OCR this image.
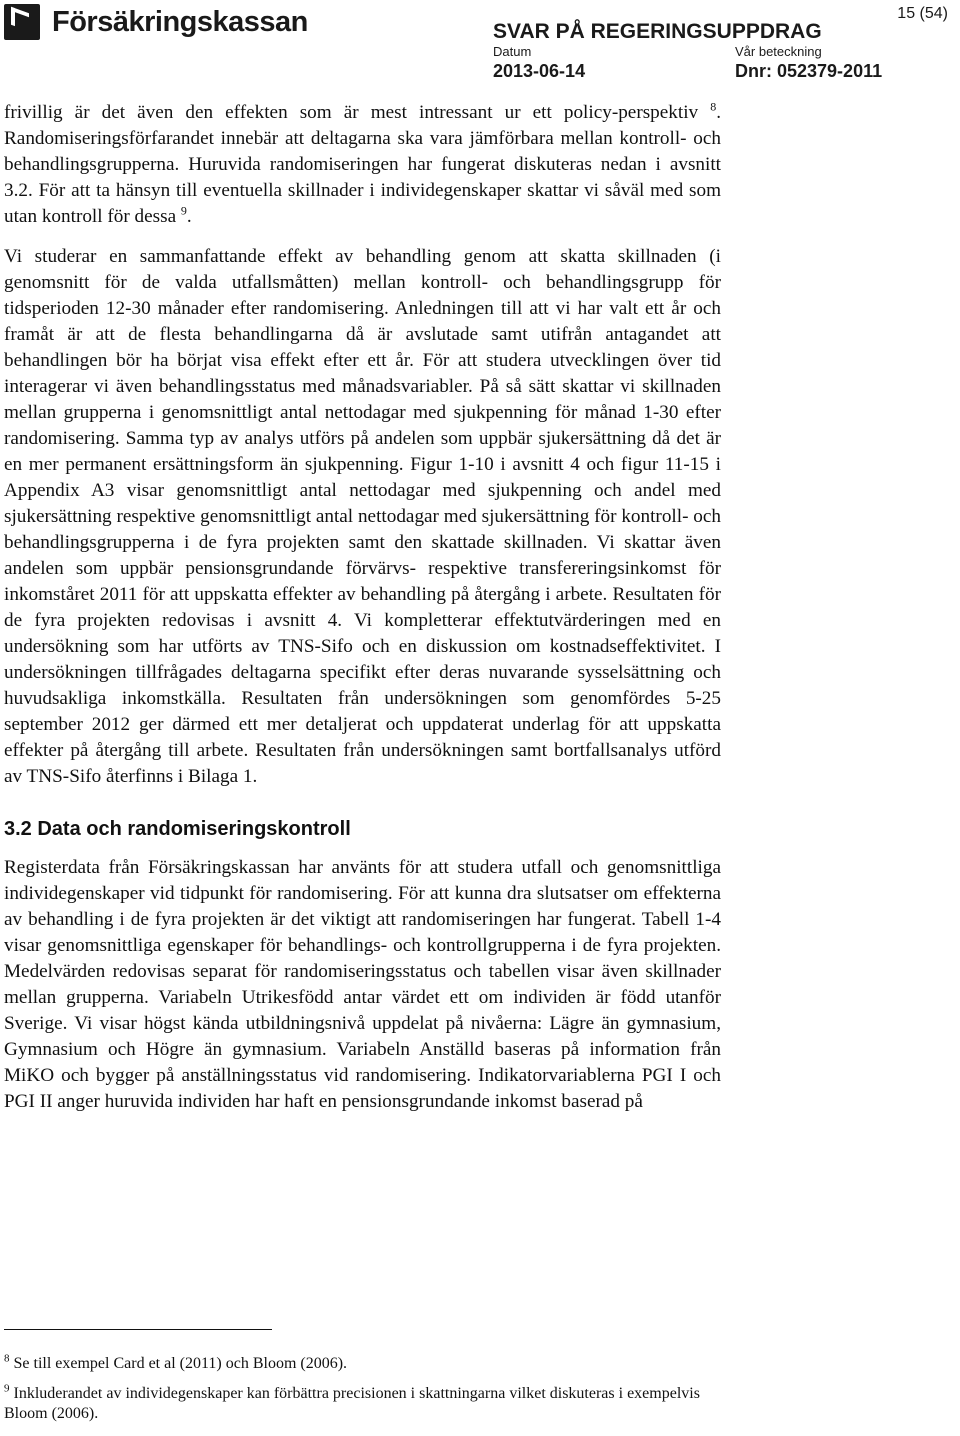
Försäkringskassan	SVAR PÅ REGERINGSUPPDRAG
Datum	Vår beteckning
2013-06-14	Dnr: 052379-2011
15 (54)

frivillig är det även den effekten som är mest intressant ur ett policy-perspektiv $^8$. Randomiseringsförfarandet innebär att deltagarna ska vara jämförbara mellan kontroll- och behandlingsgrupperna. Huruvida randomiseringen har fungerat diskuteras nedan i avsnitt 3.2. För att ta hänsyn till eventuella skillnader i individegenskaper skattar vi såväl med som utan kontroll för dessa $^9$.

Vi studerar en sammanfattande effekt av behandling genom att skatta skillnaden (i genomsnitt för de valda utfallsmåtten) mellan kontroll- och behandlingsgrupp för tidsperioden 12-30 månader efter randomisering. Anledningen till att vi har valt ett år och framåt är att de flesta behandlingarna då är avslutade samt utifrån antagandet att behandlingen bör ha börjat visa effekt efter ett år. För att studera utvecklingen över tid interagerar vi även behandlingsstatus med månadsvariabler. På så sätt skattar vi skillnaden mellan grupperna i genomsnittligt antal nettodagar med sjukpenning för månad 1-30 efter randomisering. Samma typ av analys utförs på andelen som uppbär sjukersättning då det är en mer permanent ersättningsform än sjukpenning. Figur 1-10 i avsnitt 4 och figur 11-15 i Appendix A3 visar genomsnittligt antal nettodagar med sjukpenning och andel med sjukersättning respektive genomsnittligt antal nettodagar med sjukersättning för kontroll- och behandlingsgrupperna i de fyra projekten samt den skattade skillnaden. Vi skattar även andelen som uppbär pensionsgrundande förvärvs- respektive transfereringsinkomst för inkomståret 2011 för att uppskatta effekter av behandling på återgång i arbete. Resultaten för de fyra projekten redovisas i avsnitt 4. Vi kompletterar effektutvärderingen med en undersökning som har utförts av TNS-Sifo och en diskussion om kostnadseffektivitet. I undersökningen tillfrågades deltagarna specifikt efter deras nuvarande sysselsättning och huvudsakliga inkomstkälla. Resultaten från undersökningen som genomfördes 5-25 september 2012 ger därmed ett mer detaljerat och uppdaterat underlag för att uppskatta effekter på återgång till arbete. Resultaten från undersökningen samt bortfallsanalys utförd av TNS-Sifo återfinns i Bilaga 1.

3.2 Data och randomiseringskontroll

Registerdata från Försäkringskassan har använts för att studera utfall och genomsnittliga individegenskaper vid tidpunkt för randomisering. För att kunna dra slutsatser om effekterna av behandling i de fyra projekten är det viktigt att randomiseringen har fungerat. Tabell 1-4 visar genomsnittliga egenskaper för behandlings- och kontrollgrupperna i de fyra projekten. Medelvärden redovisas separat för randomiseringsstatus och tabellen visar även skillnader mellan grupperna. Variabeln Utrikesfödd antar värdet ett om individen är född utanför Sverige. Vi visar högst kända utbildningsnivå uppdelat på nivåerna: Lägre än gymnasium, Gymnasium och Högre än gymnasium. Variabeln Anställd baseras på information från MiKO och bygger på anställningsstatus vid randomisering. Indikatorvariablerna PGI I och PGI II anger huruvida individen har haft en pensionsgrundande inkomst baserad på

$^8$ Se till exempel Card et al (2011) och Bloom (2006).

$^9$ Inkluderandet av individegenskaper kan förbättra precisionen i skattningarna vilket diskuteras i exempelvis Bloom (2006).
